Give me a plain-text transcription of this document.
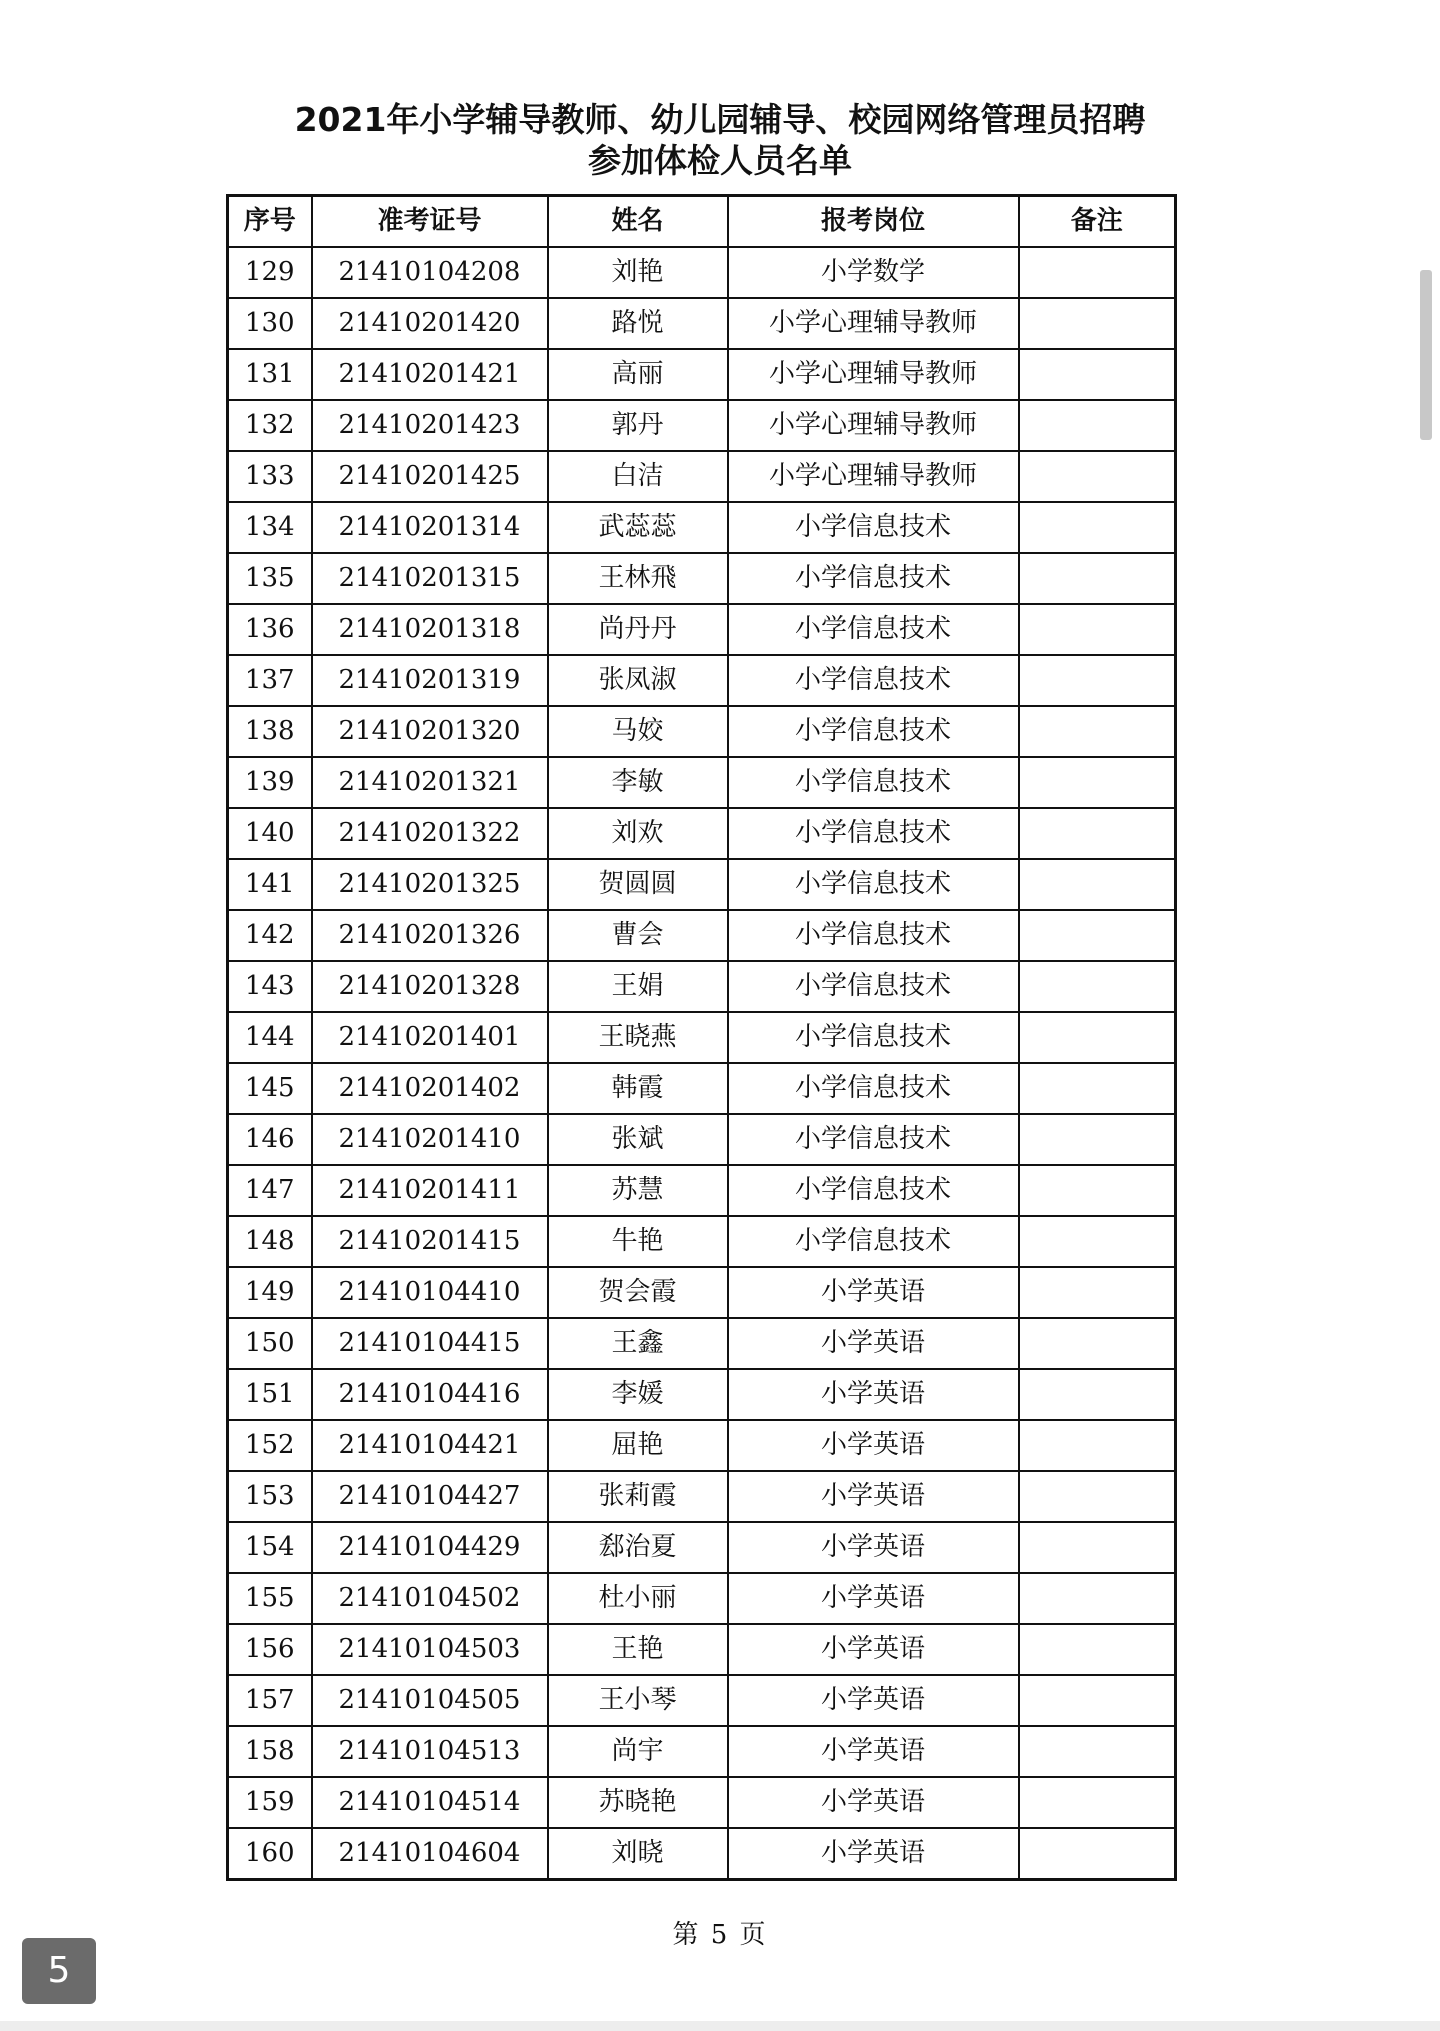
2021年小学辅导教师、幼儿园辅导、校园网络管理员招聘
参加体检人员名单
序号	准考证号	姓名	报考岗位	备注
129	21410104208	刘艳	小学数学	
130	21410201420	路悦	小学心理辅导教师	
131	21410201421	高丽	小学心理辅导教师	
132	21410201423	郭丹	小学心理辅导教师	
133	21410201425	白洁	小学心理辅导教师	
134	21410201314	武蕊蕊	小学信息技术	
135	21410201315	王林飛	小学信息技术	
136	21410201318	尚丹丹	小学信息技术	
137	21410201319	张凤淑	小学信息技术	
138	21410201320	马姣	小学信息技术	
139	21410201321	李敏	小学信息技术	
140	21410201322	刘欢	小学信息技术	
141	21410201325	贺圆圆	小学信息技术	
142	21410201326	曹会	小学信息技术	
143	21410201328	王娟	小学信息技术	
144	21410201401	王晓燕	小学信息技术	
145	21410201402	韩霞	小学信息技术	
146	21410201410	张斌	小学信息技术	
147	21410201411	苏慧	小学信息技术	
148	21410201415	牛艳	小学信息技术	
149	21410104410	贺会霞	小学英语	
150	21410104415	王鑫	小学英语	
151	21410104416	李媛	小学英语	
152	21410104421	屈艳	小学英语	
153	21410104427	张莉霞	小学英语	
154	21410104429	郄治夏	小学英语	
155	21410104502	杜小丽	小学英语	
156	21410104503	王艳	小学英语	
157	21410104505	王小琴	小学英语	
158	21410104513	尚宇	小学英语	
159	21410104514	苏晓艳	小学英语	
160	21410104604	刘晓	小学英语	
第 5 页
5
